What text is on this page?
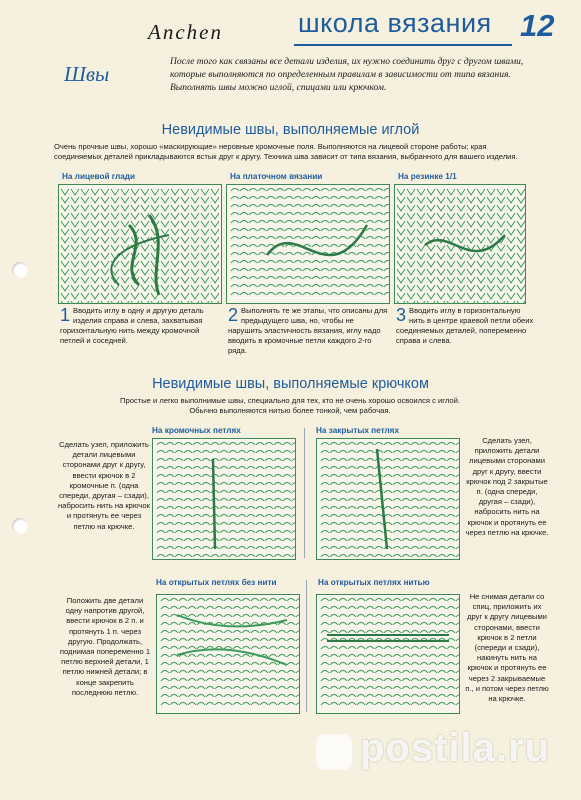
Anchen	школа вязания 12
Швы	После того как связаны все детали изделия, их нужно соединить друг с другом швами, которые выполняются по определенным правилам в зависимости от типа вязания. Выполнять швы можно иглой, спицами или крючком.
Невидимые швы, выполняемые иглой
Очень прочные швы, хорошо «маскирующие» неровные кромочные поля. Выполняются на лицевой стороне работы; края соединяемых деталей прикладываются встык друг к другу. Техника шва зависит от типа вязания, выбранного для вашего изделия.
На лицевой глади	На платочном вязании	На резинке 1/1
1 Вводить иглу в одну и другую деталь изделия справа и слева, захватывая горизонтальную нить между кромочной петлей и соседней.
2 Выполнять те же этапы, что описаны для предыдущего шва, но, чтобы не нарушить эластичность вязания, иглу надо вводить в кромочные петли каждого 2-го ряда.
3 Вводить иглу в горизонтальную нить в центре краевой петли обеих соединяемых деталей, попеременно справа и слева.
Невидимые швы, выполняемые крючком
Простые и легко выполнимые швы, специально для тех, кто не очень хорошо освоился с иглой.
Обычно выполняются нитью более тонкой, чем рабочая.
На кромочных петлях	На закрытых петлях
Сделать узел, приложить детали лицевыми сторонами друг к другу, ввести крючок в 2 кромочные п. (одна спереди, другая – сзади), набросить нить на крючок и протянуть ее через петлю на крючке.
Сделать узел, приложить детали лицевыми сторонами друг к другу, ввести крючок под 2 закрытые п. (одна спереди, другая – сзади), набросить нить на крючок и протянуть ее через петлю на крючке.
На открытых петлях без нити	На открытых петлях нитью
Положить две детали одну напротив другой, ввести крючок в 2 п. и протянуть 1 п. через другую. Продолжать, поднимая попеременно 1 петлю верхней детали, 1 петлю нижней детали; в конце закрепить последнюю петлю.
Не снимая детали со спиц, приложить их друг к другу лицевыми сторонами, ввести крючок в 2 петли (спереди и сзади), накинуть нить на крючок и протянуть ее через 2 закрываемые п., и потом через петлю на крючке.
postila.ru
